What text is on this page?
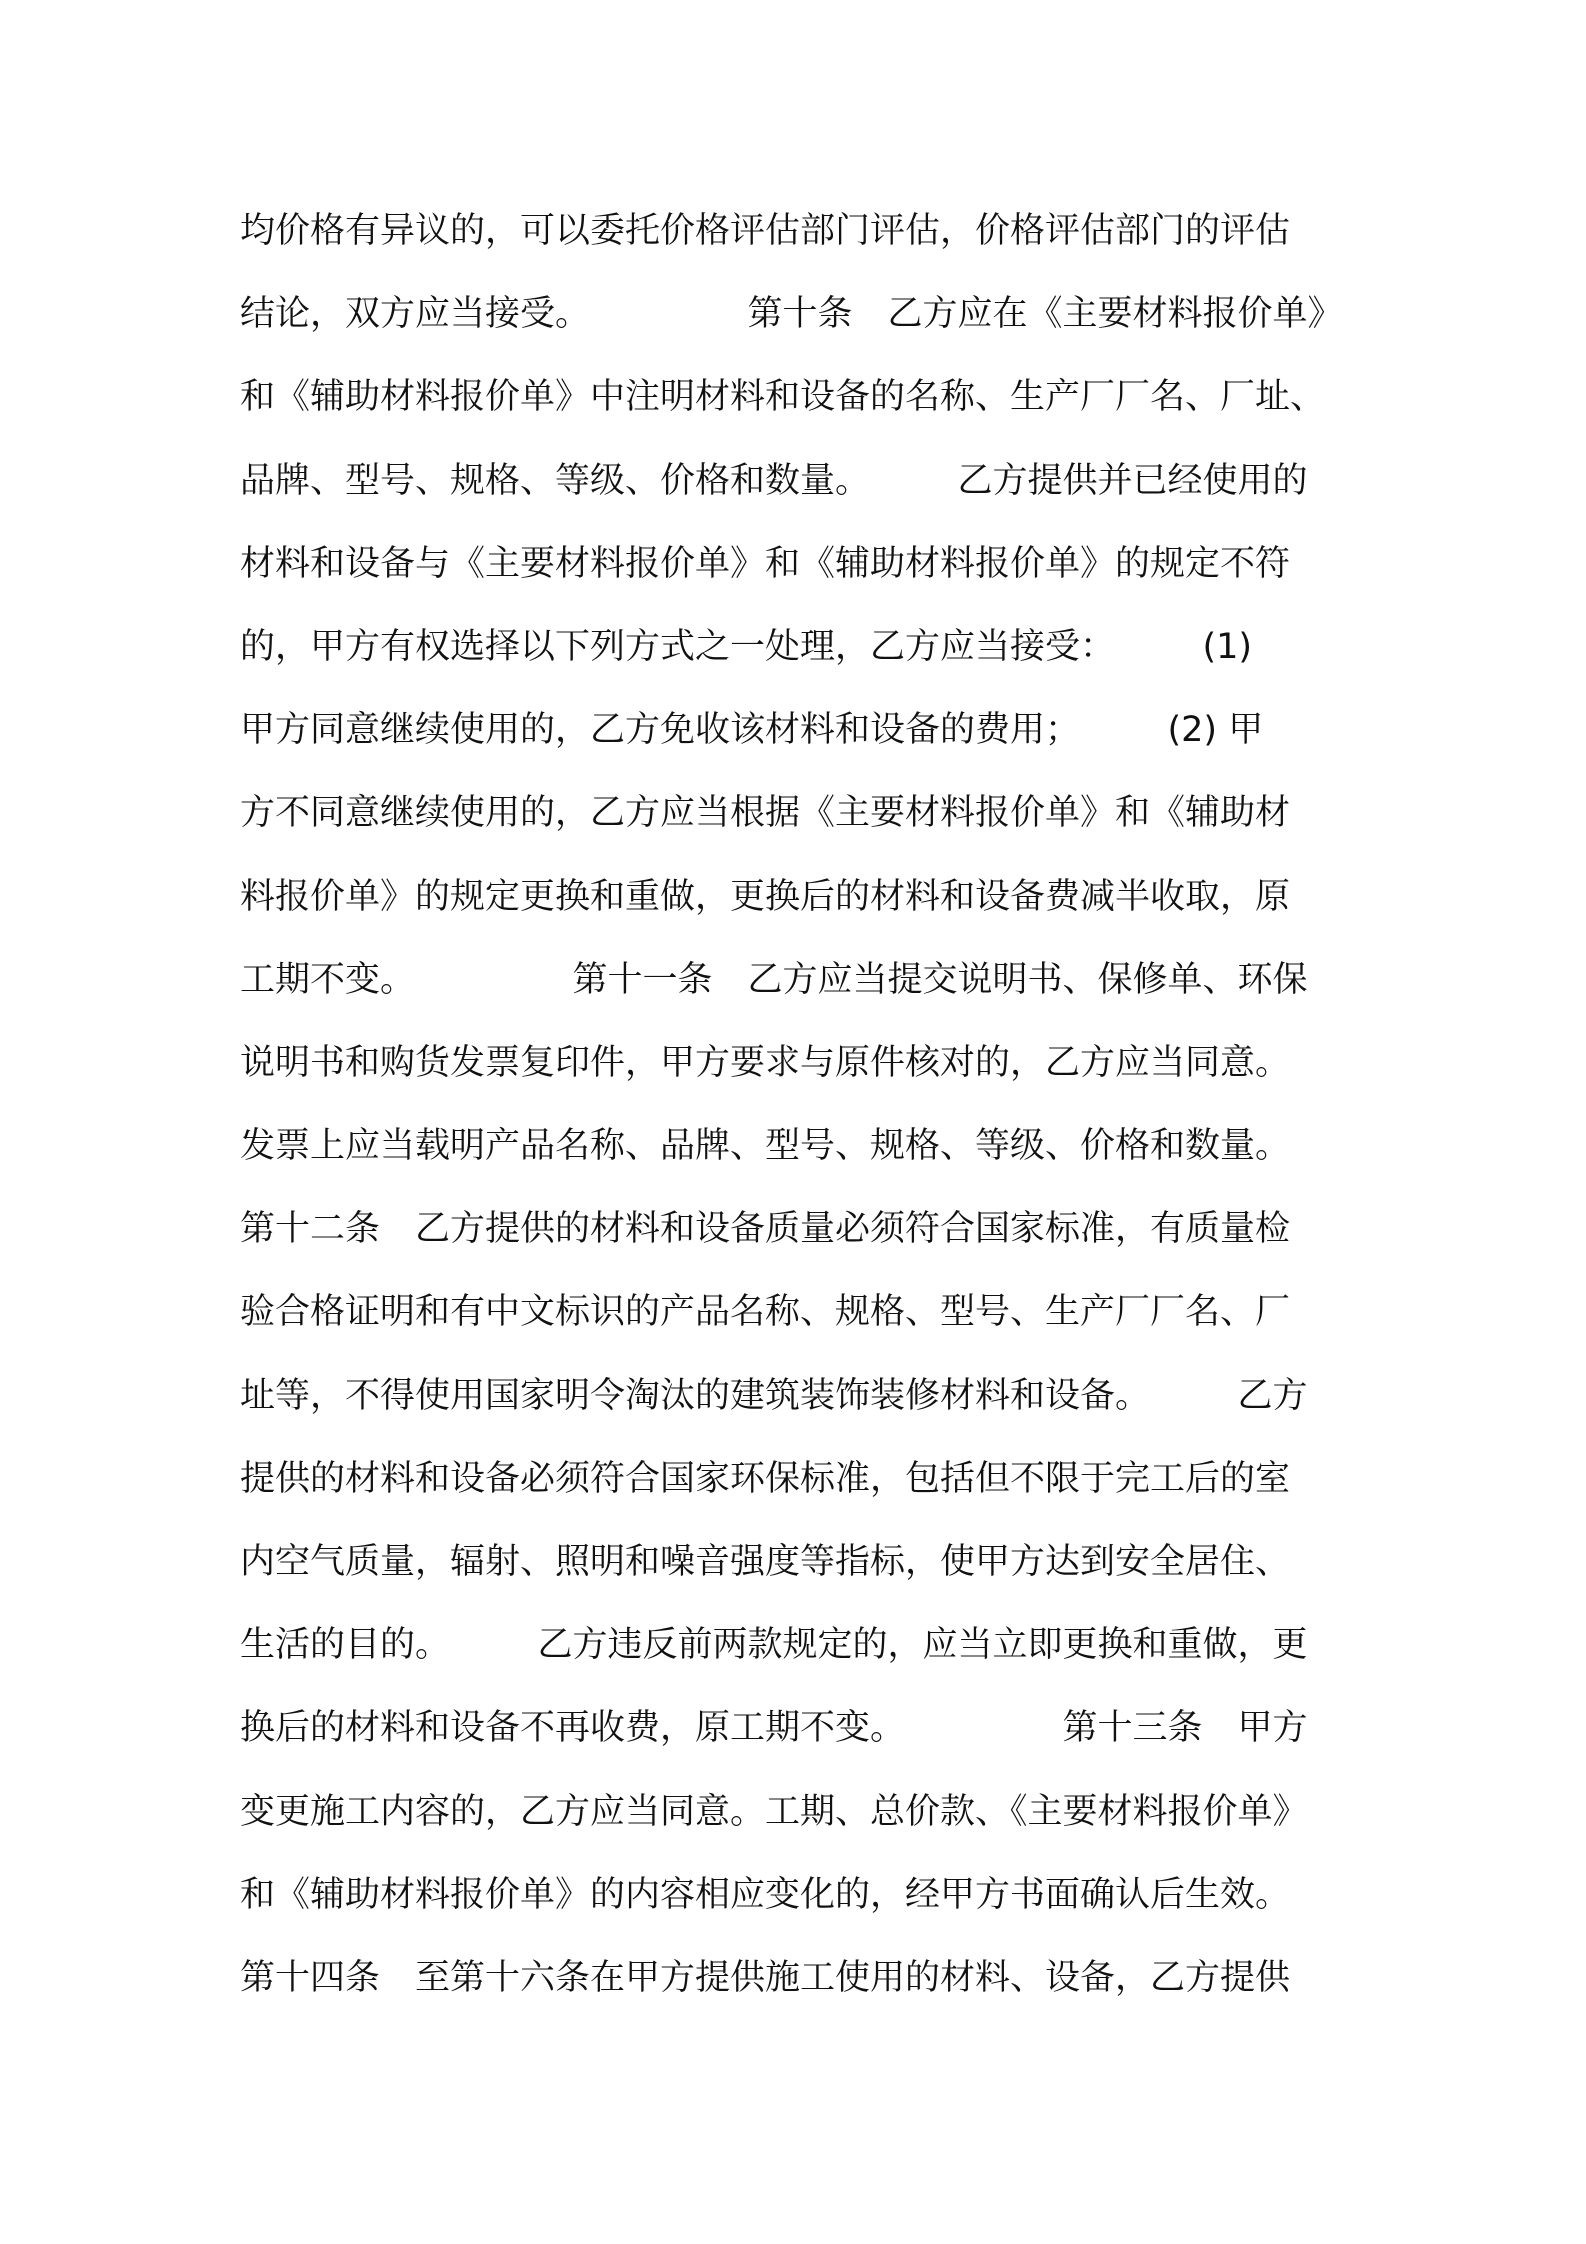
均价格有异议的，可以委托价格评估部门评估，价格评估部门的评估
结论，双方应当接受。　　　　　第十条　乙方应在《主要材料报价单》
和《辅助材料报价单》中注明材料和设备的名称、生产厂厂名、厂址、
品牌、型号、规格、等级、价格和数量。　　　乙方提供并已经使用的
材料和设备与《主要材料报价单》和《辅助材料报价单》的规定不符
的，甲方有权选择以下列方式之一处理，乙方应当接受：　　　(1)
甲方同意继续使用的，乙方免收该材料和设备的费用；　　　(2) 甲
方不同意继续使用的，乙方应当根据《主要材料报价单》和《辅助材
料报价单》的规定更换和重做，更换后的材料和设备费减半收取，原
工期不变。　　　　　第十一条　乙方应当提交说明书、保修单、环保
说明书和购货发票复印件，甲方要求与原件核对的，乙方应当同意。
发票上应当载明产品名称、品牌、型号、规格、等级、价格和数量。
第十二条　乙方提供的材料和设备质量必须符合国家标准，有质量检
验合格证明和有中文标识的产品名称、规格、型号、生产厂厂名、厂
址等，不得使用国家明令淘汰的建筑装饰装修材料和设备。　　　乙方
提供的材料和设备必须符合国家环保标准，包括但不限于完工后的室
内空气质量，辐射、照明和噪音强度等指标，使甲方达到安全居住、
生活的目的。　　　乙方违反前两款规定的，应当立即更换和重做，更
换后的材料和设备不再收费，原工期不变。　　　　　第十三条　甲方
变更施工内容的，乙方应当同意。工期、总价款、《主要材料报价单》
和《辅助材料报价单》的内容相应变化的，经甲方书面确认后生效。
第十四条　至第十六条在甲方提供施工使用的材料、设备，乙方提供
